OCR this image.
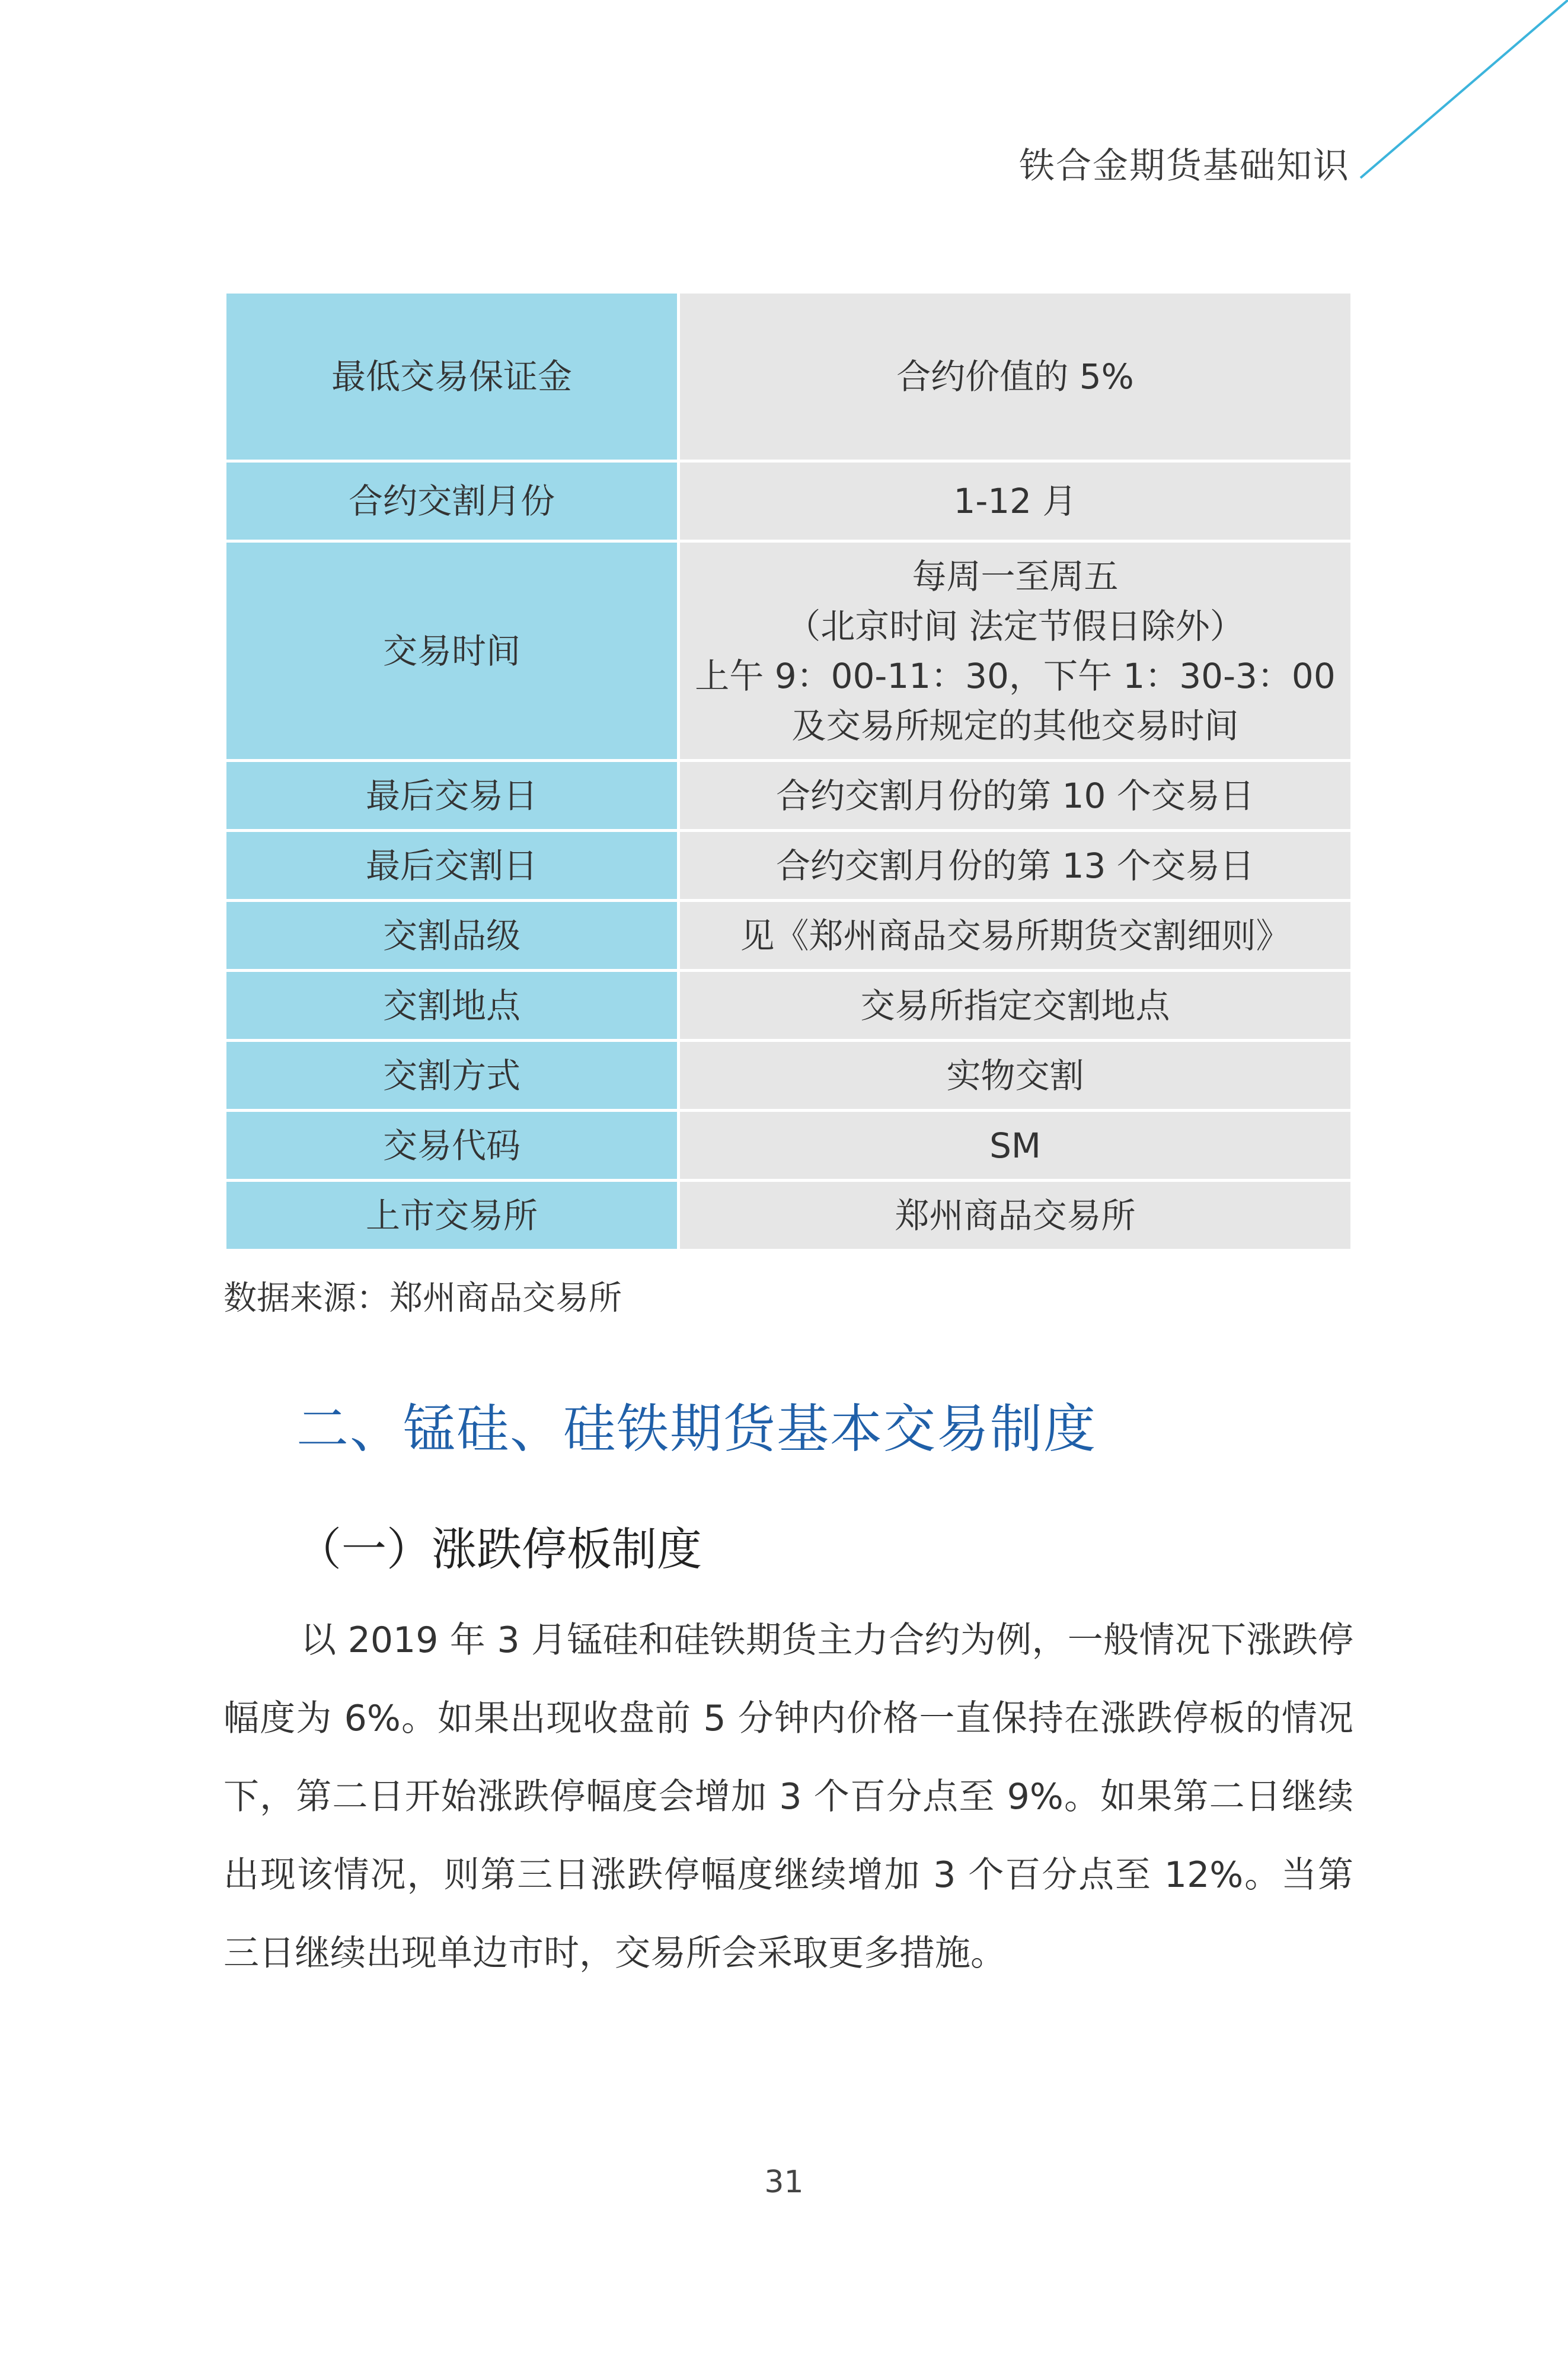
铁合金期货基础知识
最低交易保证金	合约价值的 5%

合约交割月份	1-12 月

交易时间	每周一至周五
（北京时间 法定节假日除外）
上午 9：00-11：30，下午 1：30-3：00
及交易所规定的其他交易时间

最后交易日	合约交割月份的第 10 个交易日

最后交割日	合约交割月份的第 13 个交易日

交割品级	见《郑州商品交易所期货交割细则》

交割地点	交易所指定交割地点

交割方式	实物交割

交易代码	SM

上市交易所	郑州商品交易所
数据来源：郑州商品交易所
二、锰硅、硅铁期货基本交易制度
（一）涨跌停板制度

以 2019 年 3 月锰硅和硅铁期货主力合约为例，一般情况下涨跌停幅度为 6%。如果出现收盘前 5 分钟内价格一直保持在涨跌停板的情况下，第二日开始涨跌停幅度会增加 3 个百分点至 9%。如果第二日继续出现该情况，则第三日涨跌停幅度继续增加 3 个百分点至 12%。当第三日继续出现单边市时，交易所会采取更多措施。

31
